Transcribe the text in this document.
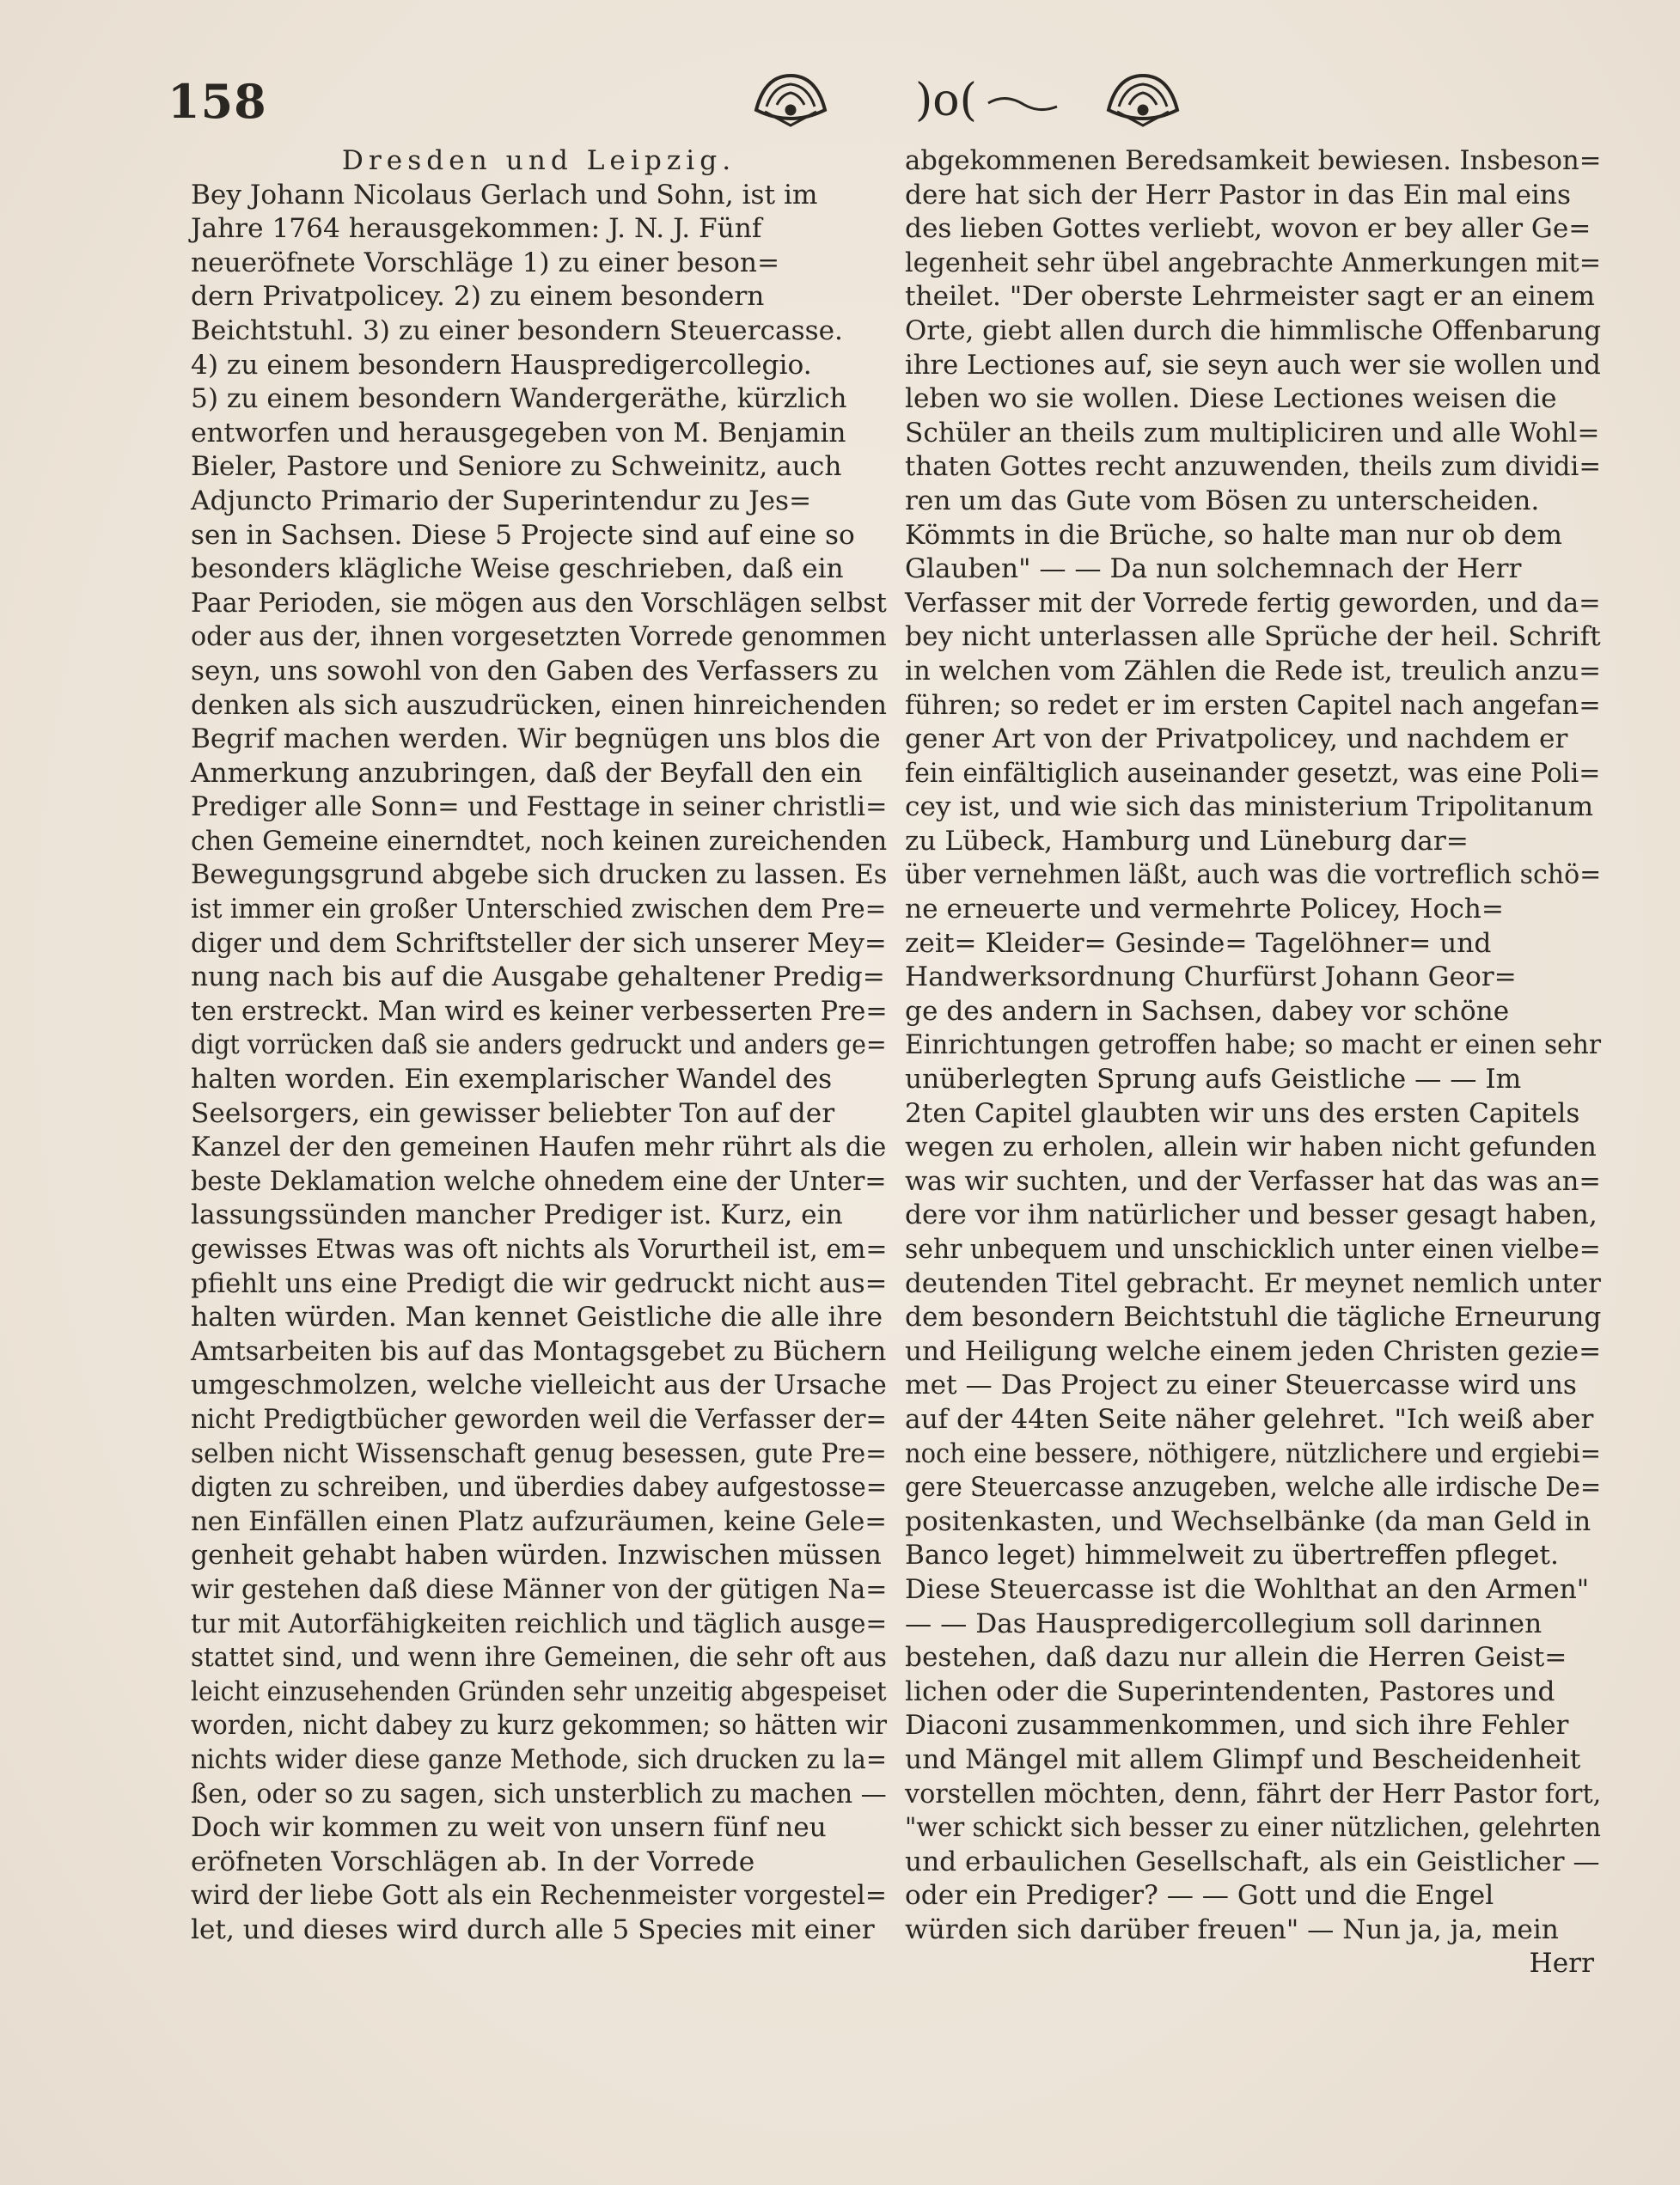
158	)o(
Dresden und Leipzig.
Bey Johann Nicolaus Gerlach und Sohn, ist im
Jahre 1764 herausgekommen: J. N. J. Fünf
neueröfnete Vorschläge 1) zu einer beson=
dern Privatpolicey. 2) zu einem besondern
Beichtstuhl. 3) zu einer besondern Steuercasse.
4) zu einem besondern Hauspredigercollegio.
5) zu einem besondern Wandergeräthe, kürzlich
entworfen und herausgegeben von M. Benjamin
Bieler, Pastore und Seniore zu Schweinitz, auch
Adjuncto Primario der Superintendur zu Jes=
sen in Sachsen. Diese 5 Projecte sind auf eine so
besonders klägliche Weise geschrieben, daß ein
Paar Perioden, sie mögen aus den Vorschlägen selbst
oder aus der, ihnen vorgesetzten Vorrede genommen
seyn, uns sowohl von den Gaben des Verfassers zu
denken als sich auszudrücken, einen hinreichenden
Begrif machen werden. Wir begnügen uns blos die
Anmerkung anzubringen, daß der Beyfall den ein
Prediger alle Sonn= und Festtage in seiner christli=
chen Gemeine einerndtet, noch keinen zureichenden
Bewegungsgrund abgebe sich drucken zu lassen. Es
ist immer ein großer Unterschied zwischen dem Pre=
diger und dem Schriftsteller der sich unserer Mey=
nung nach bis auf die Ausgabe gehaltener Predig=
ten erstreckt. Man wird es keiner verbesserten Pre=
digt vorrücken daß sie anders gedruckt und anders ge=
halten worden. Ein exemplarischer Wandel des
Seelsorgers, ein gewisser beliebter Ton auf der
Kanzel der den gemeinen Haufen mehr rührt als die
beste Deklamation welche ohnedem eine der Unter=
lassungssünden mancher Prediger ist. Kurz, ein
gewisses Etwas was oft nichts als Vorurtheil ist, em=
pfiehlt uns eine Predigt die wir gedruckt nicht aus=
halten würden. Man kennet Geistliche die alle ihre
Amtsarbeiten bis auf das Montagsgebet zu Büchern
umgeschmolzen, welche vielleicht aus der Ursache
nicht Predigtbücher geworden weil die Verfasser der=
selben nicht Wissenschaft genug besessen, gute Pre=
digten zu schreiben, und überdies dabey aufgestosse=
nen Einfällen einen Platz aufzuräumen, keine Gele=
genheit gehabt haben würden. Inzwischen müssen
wir gestehen daß diese Männer von der gütigen Na=
tur mit Autorfähigkeiten reichlich und täglich ausge=
stattet sind, und wenn ihre Gemeinen, die sehr oft aus
leicht einzusehenden Gründen sehr unzeitig abgespeiset
worden, nicht dabey zu kurz gekommen; so hätten wir
nichts wider diese ganze Methode, sich drucken zu la=
ßen, oder so zu sagen, sich unsterblich zu machen —
Doch wir kommen zu weit von unsern fünf neu
eröfneten Vorschlägen ab. In der Vorrede
wird der liebe Gott als ein Rechenmeister vorgestel=
let, und dieses wird durch alle 5 Species mit einer
abgekommenen Beredsamkeit bewiesen. Insbeson=
dere hat sich der Herr Pastor in das Ein mal eins
des lieben Gottes verliebt, wovon er bey aller Ge=
legenheit sehr übel angebrachte Anmerkungen mit=
theilet. "Der oberste Lehrmeister sagt er an einem
Orte, giebt allen durch die himmlische Offenbarung
ihre Lectiones auf, sie seyn auch wer sie wollen und
leben wo sie wollen. Diese Lectiones weisen die
Schüler an theils zum multipliciren und alle Wohl=
thaten Gottes recht anzuwenden, theils zum dividi=
ren um das Gute vom Bösen zu unterscheiden.
Kömmts in die Brüche, so halte man nur ob dem
Glauben" — — Da nun solchemnach der Herr
Verfasser mit der Vorrede fertig geworden, und da=
bey nicht unterlassen alle Sprüche der heil. Schrift
in welchen vom Zählen die Rede ist, treulich anzu=
führen; so redet er im ersten Capitel nach angefan=
gener Art von der Privatpolicey, und nachdem er
fein einfältiglich auseinander gesetzt, was eine Poli=
cey ist, und wie sich das ministerium Tripolitanum
zu Lübeck, Hamburg und Lüneburg dar=
über vernehmen läßt, auch was die vortreflich schö=
ne erneuerte und vermehrte Policey, Hoch=
zeit= Kleider= Gesinde= Tagelöhner= und
Handwerksordnung Churfürst Johann Geor=
ge des andern in Sachsen, dabey vor schöne
Einrichtungen getroffen habe; so macht er einen sehr
unüberlegten Sprung aufs Geistliche — — Im
2ten Capitel glaubten wir uns des ersten Capitels
wegen zu erholen, allein wir haben nicht gefunden
was wir suchten, und der Verfasser hat das was an=
dere vor ihm natürlicher und besser gesagt haben,
sehr unbequem und unschicklich unter einen vielbe=
deutenden Titel gebracht. Er meynet nemlich unter
dem besondern Beichtstuhl die tägliche Erneurung
und Heiligung welche einem jeden Christen gezie=
met — Das Project zu einer Steuercasse wird uns
auf der 44ten Seite näher gelehret. "Ich weiß aber
noch eine bessere, nöthigere, nützlichere und ergiebi=
gere Steuercasse anzugeben, welche alle irdische De=
positenkasten, und Wechselbänke (da man Geld in
Banco leget) himmelweit zu übertreffen pfleget.
Diese Steuercasse ist die Wohlthat an den Armen"
— — Das Hauspredigercollegium soll darinnen
bestehen, daß dazu nur allein die Herren Geist=
lichen oder die Superintendenten, Pastores und
Diaconi zusammenkommen, und sich ihre Fehler
und Mängel mit allem Glimpf und Bescheidenheit
vorstellen möchten, denn, fährt der Herr Pastor fort,
"wer schickt sich besser zu einer nützlichen, gelehrten
und erbaulichen Gesellschaft, als ein Geistlicher —
oder ein Prediger? — — Gott und die Engel
würden sich darüber freuen" — Nun ja, ja, mein
Herr
